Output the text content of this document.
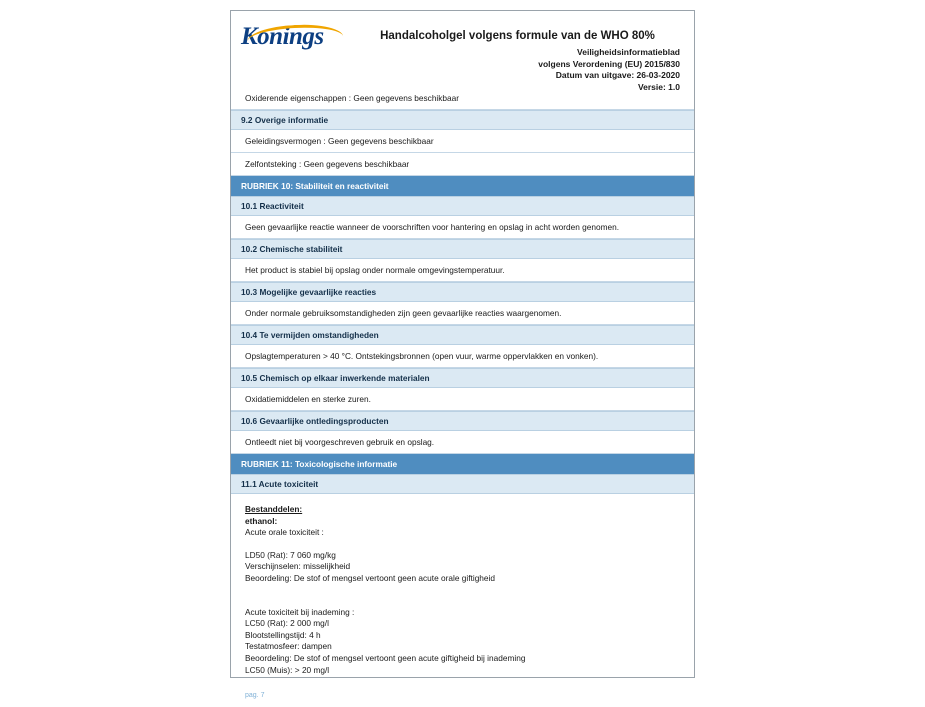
Konings	Handalcoholgel volgens formule van de WHO 80%
Veiligheidsinformatieblad
volgens Verordening (EU) 2015/830
Datum van uitgave: 26-03-2020
Versie: 1.0
Oxiderende eigenschappen : Geen gegevens beschikbaar
9.2 Overige informatie
Geleidingsvermogen : Geen gegevens beschikbaar
Zelfontsteking : Geen gegevens beschikbaar
RUBRIEK 10: Stabiliteit en reactiviteit
10.1 Reactiviteit
Geen gevaarlijke reactie wanneer de voorschriften voor hantering en opslag in acht worden genomen.
10.2 Chemische stabiliteit
Het product is stabiel bij opslag onder normale omgevingstemperatuur.
10.3 Mogelijke gevaarlijke reacties
Onder normale gebruiksomstandigheden zijn geen gevaarlijke reacties waargenomen.
10.4 Te vermijden omstandigheden
Opslagtemperaturen > 40 °C. Ontstekingsbronnen (open vuur, warme oppervlakken en vonken).
10.5 Chemisch op elkaar inwerkende materialen
Oxidatiemiddelen en sterke zuren.
10.6 Gevaarlijke ontledingsproducten
Ontleedt niet bij voorgeschreven gebruik en opslag.
RUBRIEK 11: Toxicologische informatie
11.1 Acute toxiciteit
Bestanddelen:
ethanol:
Acute orale toxiciteit :
LD50 (Rat): 7 060 mg/kg
Verschijnselen: misselijkheid
Beoordeling: De stof of mengsel vertoont geen acute orale giftigheid
Acute toxiciteit bij inademing :
LC50 (Rat): 2 000 mg/l
Blootstellingstijd: 4 h
Testatmosfeer: dampen
Beoordeling: De stof of mengsel vertoont geen acute giftigheid bij inademing
LC50 (Muis): > 20 mg/l
pag. 7
